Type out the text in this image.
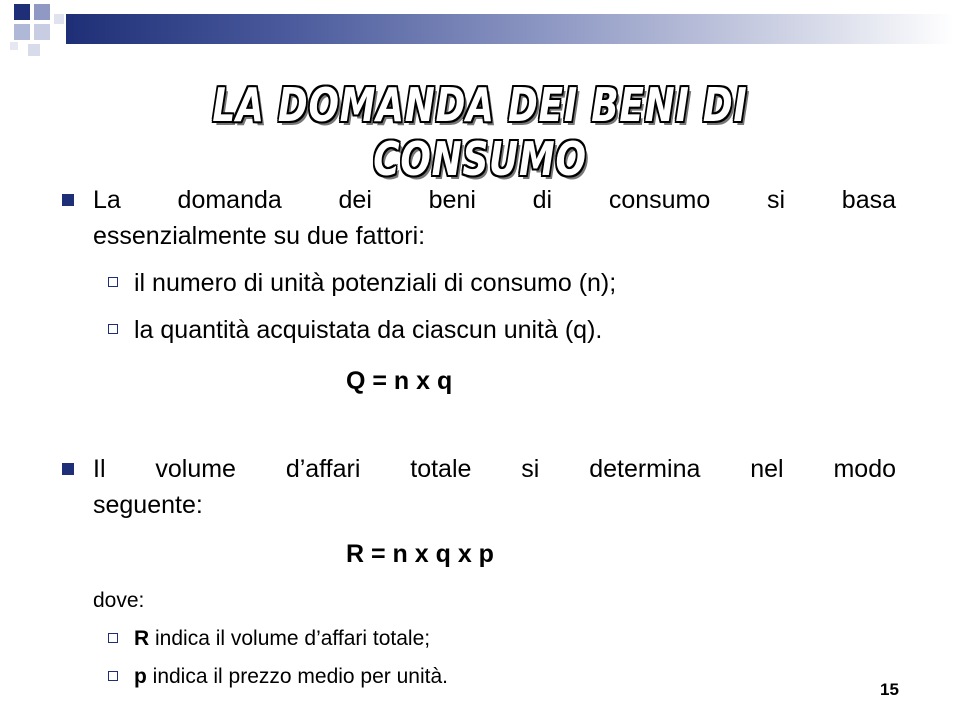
LA DOMANDA DEI BENI DI CONSUMO
La domanda dei beni di consumo si basa
essenzialmente su due fattori:
il numero di unità potenziali di consumo (n);
la quantità acquistata da ciascun unità (q).
Q = n x q
Il volume d’affari totale si determina nel modo
seguente:
R = n x q x p
dove:
R indica il volume d’affari totale;
p indica il prezzo medio per unità.
15
